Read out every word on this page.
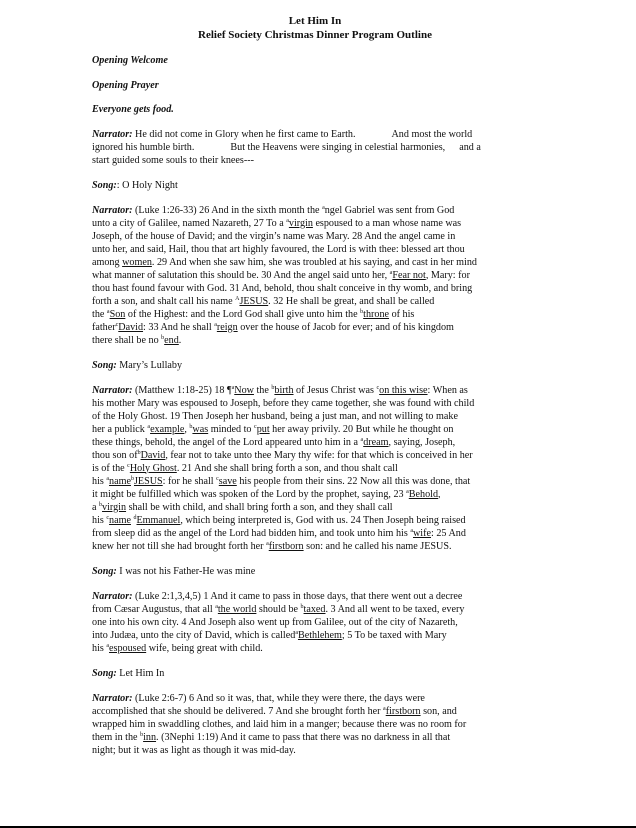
Let Him In
Relief Society Christmas Dinner Program Outline
Opening Welcome
Opening Prayer
Everyone gets food.
Narrator: He did not come in Glory when he first came to Earth.	And most the world
ignored his humble birth.	But the Heavens were singing in celestial harmonies, and a
start guided some souls to their knees---
Song:: O Holy Night
Narrator: (Luke 1:26-33) 26 And in the sixth month the $^a$ngel Gabriel was sent from God
unto a city of Galilee, named Nazareth, 27 To a $^a$virgin espoused to a man whose name was
Joseph, of the house of David; and the virgin’s name was Mary. 28 And the angel came in
unto her, and said, Hail, thou that art highly favoured, the Lord is with thee: blessed art thou
among women. 29 And when she saw him, she was troubled at his saying, and cast in her mind
what manner of salutation this should be. 30 And the angel said unto her, $^a$Fear not, Mary: for
thou hast found favour with God. 31 And, behold, thou shalt conceive in thy womb, and bring
forth a son, and shalt call his name $^A$JESUS. 32 He shall be great, and shall be called
the $^a$Son of the Highest: and the Lord God shall give unto him the $^b$throne of his
father$^c$David: 33 And he shall $^a$reign over the house of Jacob for ever; and of his kingdom
there shall be no $^b$end.
Song: Mary’s Lullaby
Narrator: (Matthew 1:18-25) 18 ¶$^a$Now the $^b$birth of Jesus Christ was $^c$on this wise: When as
his mother Mary was espoused to Joseph, before they came together, she was found with child
of the Holy Ghost. 19 Then Joseph her husband, being a just man, and not willing to make
her a publick $^a$example, $^b$was minded to $^c$put her away privily. 20 But while he thought on
these things, behold, the angel of the Lord appeared unto him in a $^a$dream, saying, Joseph,
thou son $of^bDavid$, fear not to take unto thee Mary thy wife: for that which is conceived in her
is of the $^c$Holy Ghost. 21 And she shall bring forth a son, and thou shalt call
his $^a$name$^b$JESUS: for he shall $^c$save his people from their sins. 22 Now all this was done, that
it might be fulfilled which was spoken of the Lord by the prophet, saying, 23 $^a$Behold,
a $^b$virgin shall be with child, and shall bring forth a son, and they shall call
his $^c$name $^d$Emmanuel, which being interpreted is, God with us. 24 Then Joseph being raised
from sleep did as the angel of the Lord had bidden him, and took unto him his $^a$wife: 25 And
knew her not till she had brought forth her $^a$firstborn son: and he called his name JESUS.
Song: I was not his Father-He was mine
Narrator: (Luke 2:1,3,4,5) 1 And it came to pass in those days, that there went out a decree
from Cæsar Augustus, that all $^a$the world should be $^b$taxed. 3 And all went to be taxed, every
one into his own city. 4 And Joseph also went up from Galilee, out of the city of Nazareth,
into Judæa, unto the city of David, which is called$^a$Bethlehem; 5 To be taxed with Mary
his $^a$espoused wife, being great with child.
Song: Let Him In
Narrator: (Luke 2:6-7) 6 And so it was, that, while they were there, the days were
accomplished that she should be delivered. 7 And she brought forth her $^a$firstborn son, and
wrapped him in swaddling clothes, and laid him in a manger; because there was no room for
them in the $^b$inn. (3Nephi 1:19) And it came to pass that there was no darkness in all that
night; but it was as light as though it was mid-day.
